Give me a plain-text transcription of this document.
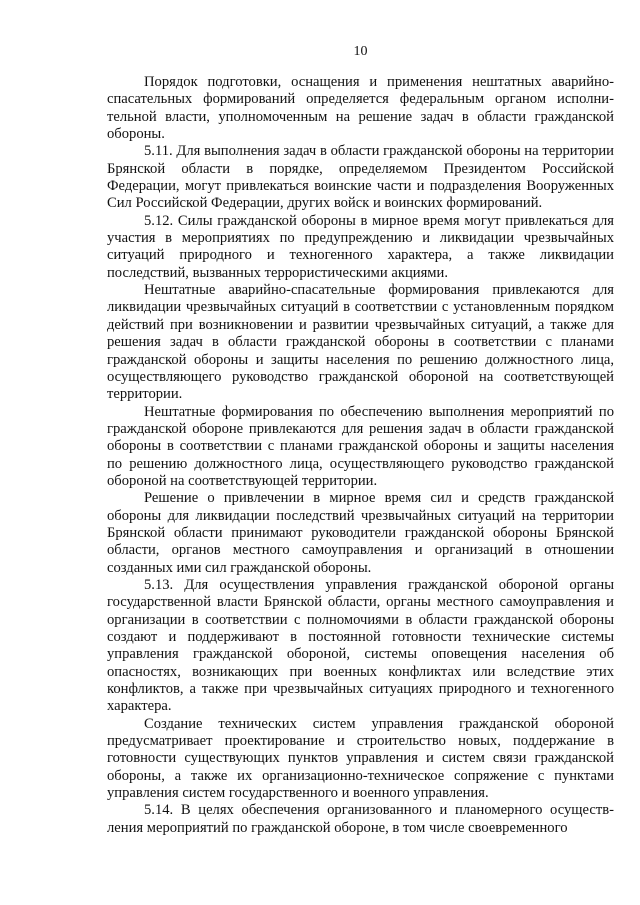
10

Порядок подготовки, оснащения и применения нештатных аварийно-спасательных формирований определяется федеральным органом исполнительной власти, уполномоченным на решение задач в области гражданской обороны.

5.11. Для выполнения задач в области гражданской обороны на территории Брянской области в порядке, определяемом Президентом Российской Федерации, могут привлекаться воинские части и подразделения Вооруженных Сил Российской Федерации, других войск и воинских формирований.

5.12. Силы гражданской обороны в мирное время могут привлекаться для участия в мероприятиях по предупреждению и ликвидации чрезвычайных ситуаций природного и техногенного характера, а также ликвидации последствий, вызванных террористическими акциями.

Нештатные аварийно-спасательные формирования привлекаются для ликвидации чрезвычайных ситуаций в соответствии с установленным порядком действий при возникновении и развитии чрезвычайных ситуаций, а также для решения задач в области гражданской обороны в соответствии с планами гражданской обороны и защиты населения по решению должностного лица, осуществляющего руководство гражданской обороной на соответствующей территории.

Нештатные формирования по обеспечению выполнения мероприятий по гражданской обороне привлекаются для решения задач в области гражданской обороны в соответствии с планами гражданской обороны и защиты населения по решению должностного лица, осуществляющего руководство гражданской обороной на соответствующей территории.

Решение о привлечении в мирное время сил и средств гражданской обороны для ликвидации последствий чрезвычайных ситуаций на территории Брянской области принимают руководители гражданской обороны Брянской области, органов местного самоуправления и организаций в отношении созданных ими сил гражданской обороны.

5.13. Для осуществления управления гражданской обороной органы государственной власти Брянской области, органы местного самоуправления и организации в соответствии с полномочиями в области гражданской обороны создают и поддерживают в постоянной готовности технические системы управления гражданской обороной, системы оповещения населения об опасностях, возникающих при военных конфликтах или вследствие этих конфликтов, а также при чрезвычайных ситуациях природного и техногенного характера.

Создание технических систем управления гражданской обороной предусматривает проектирование и строительство новых, поддержание в готовности существующих пунктов управления и систем связи гражданской обороны, а также их организационно-техническое сопряжение с пунктами управления систем государственного и военного управления.

5.14. В целях обеспечения организованного и планомерного осуществления мероприятий по гражданской обороне, в том числе своевременного
